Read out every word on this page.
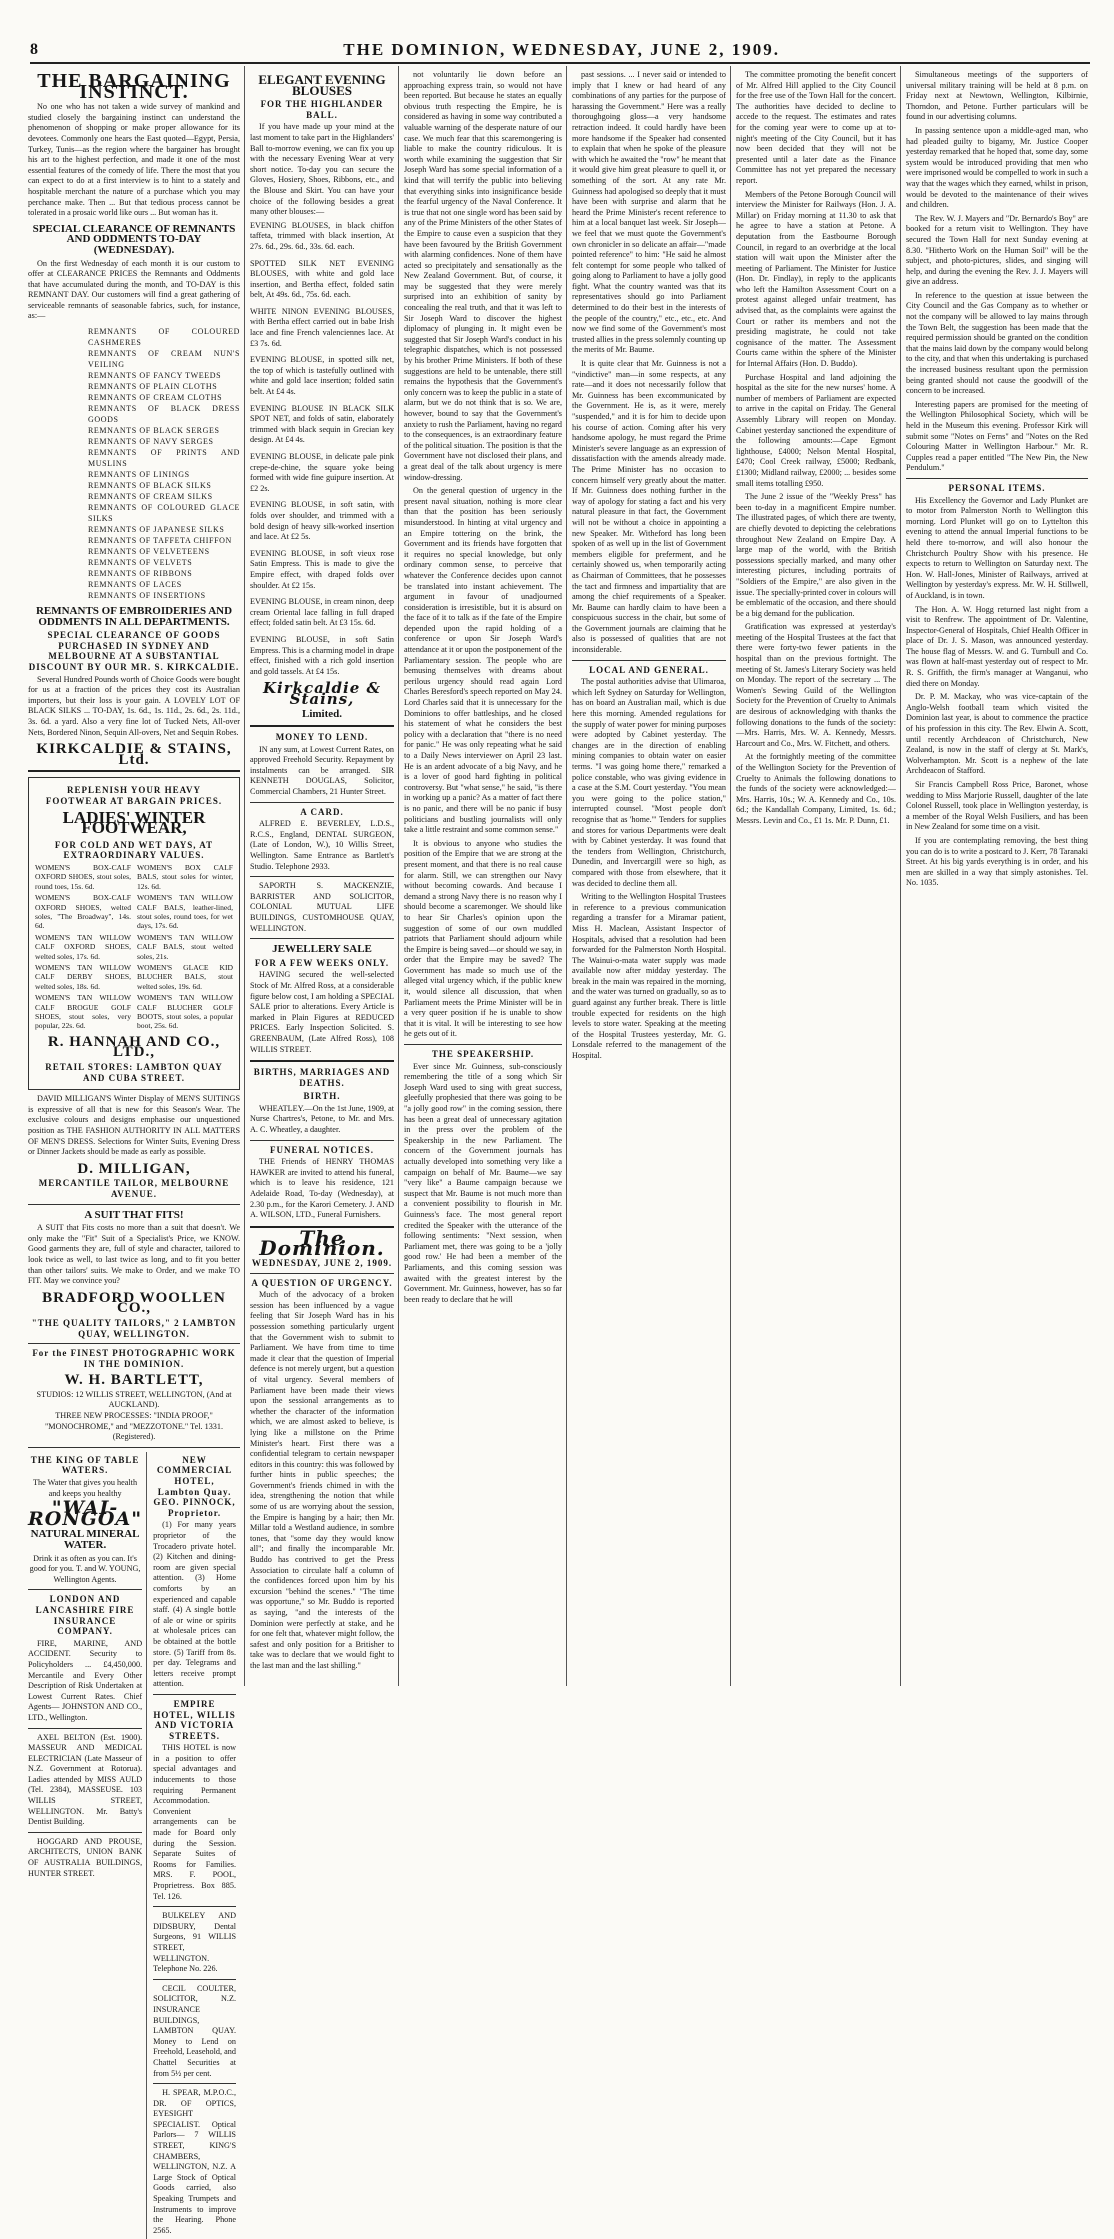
8	THE DOMINION, WEDNESDAY, JUNE 2, 1909.

THE BARGAINING INSTINCT.

No one who has not taken a wide survey of mankind and studied closely the bargaining instinct can understand the phenomenon of shopping or make proper allowance for its devotees. Commonly one hears the East quoted—Egypt, Persia, Turkey, Tunis—as the region where the bargainer has brought his art to the highest perfection, and made it one of the most essential features of the comedy of life. There the most that you can expect to do at a first interview is to hint to a stately and hospitable merchant the nature of a purchase which you may perchance make. Then ... But that tedious process cannot be tolerated in a prosaic world like ours ... But woman has it.

SPECIAL CLEARANCE OF REMNANTS AND ODDMENTS TO-DAY (WEDNESDAY).

On the first Wednesday of each month it is our custom to offer at CLEARANCE PRICES the Remnants and Oddments that have accumulated during the month, and TO-DAY is this REMNANT DAY. Our customers will find a great gathering of serviceable remnants of seasonable fabrics, such, for instance, as:—

REMNANTS OF COLOURED CASHMERES
REMNANTS OF CREAM NUN'S VEILING
REMNANTS OF FANCY TWEEDS
REMNANTS OF PLAIN CLOTHS
REMNANTS OF CREAM CLOTHS
REMNANTS OF BLACK DRESS GOODS
REMNANTS OF BLACK SERGES
REMNANTS OF NAVY SERGES
REMNANTS OF PRINTS AND MUSLINS
REMNANTS OF LININGS
REMNANTS OF BLACK SILKS
REMNANTS OF CREAM SILKS
REMNANTS OF COLOURED GLACE SILKS
REMNANTS OF JAPANESE SILKS
REMNANTS OF TAFFETA CHIFFON
REMNANTS OF VELVETEENS
REMNANTS OF VELVETS
REMNANTS OF RIBBONS
REMNANTS OF LACES
REMNANTS OF INSERTIONS
REMNANTS OF EMBROIDERIES AND ODDMENTS IN ALL DEPARTMENTS.
SPECIAL CLEARANCE OF GOODS PURCHASED IN SYDNEY AND MELBOURNE AT A SUBSTANTIAL DISCOUNT BY OUR MR. S. KIRKCALDIE.

Several Hundred Pounds worth of Choice Goods were bought for us at a fraction of the prices they cost its Australian importers, but their loss is your gain. A LOVELY LOT OF BLACK SILKS ... TO-DAY, 1s. 6d., 1s. 11d., 2s. 6d., 2s. 11d., 3s. 6d. a yard. Also a very fine lot of Tucked Nets, All-over Nets, Bordered Ninon, Sequin All-overs, Net and Sequin Robes.

KIRKCALDIE & STAINS, Ltd.
REPLENISH YOUR HEAVY FOOTWEAR AT BARGAIN PRICES.
LADIES' WINTER FOOTWEAR,
FOR COLD AND WET DAYS, AT EXTRAORDINARY VALUES.
WOMEN'S BOX-CALF OXFORD SHOES, stout soles, round toes, 15s. 6d.
WOMEN'S BOX CALF BALS, stout soles for winter, 12s. 6d.
WOMEN'S BOX-CALF OXFORD SHOES, welted soles, "The Broadway", 14s. 6d.
WOMEN'S TAN WILLOW CALF BALS, leather-lined, stout soles, round toes, for wet days, 17s. 6d.
WOMEN'S TAN WILLOW CALF OXFORD SHOES, welted soles, 17s. 6d.
WOMEN'S TAN WILLOW CALF BALS, stout welted soles, 21s.
WOMEN'S TAN WILLOW CALF DERBY SHOES, welted soles, 18s. 6d.
WOMEN'S GLACE KID BLUCHER BALS, stout welted soles, 19s. 6d.
WOMEN'S TAN WILLOW CALF BROGUE GOLF SHOES, stout soles, very popular, 22s. 6d.
WOMEN'S TAN WILLOW CALF BLUCHER GOLF BOOTS, stout soles, a popular boot, 25s. 6d.
R. HANNAH AND CO., LTD.,
RETAIL STORES: LAMBTON QUAY AND CUBA STREET.

DAVID MILLIGAN'S Winter Display of MEN'S SUITINGS is expressive of all that is new for this Season's Wear. The exclusive colours and designs emphasise our unquestioned position as THE FASHION AUTHORITY IN ALL MATTERS OF MEN'S DRESS. Selections for Winter Suits, Evening Dress or Dinner Jackets should be made as early as possible.

D. MILLIGAN,
MERCANTILE TAILOR, MELBOURNE AVENUE.
A SUIT THAT FITS!

A SUIT that Fits costs no more than a suit that doesn't. We only make the "Fit" Suit of a Specialist's Price, we KNOW. Good garments they are, full of style and character, tailored to look twice as well, to last twice as long, and to fit you better than other tailors' suits. We make to Order, and we make TO FIT. May we convince you?

BRADFORD WOOLLEN CO.,
"THE QUALITY TAILORS," 2 LAMBTON QUAY, WELLINGTON.
For the FINEST PHOTOGRAPHIC WORK IN THE DOMINION.
W. H. BARTLETT,
STUDIOS: 12 WILLIS STREET, WELLINGTON, (And at AUCKLAND).
THREE NEW PROCESSES: "INDIA PROOF," "MONOCHROME," and "MEZZOTONE." Tel. 1331. (Registered).
THE KING OF TABLE WATERS.
The Water that gives you health and keeps you healthy
"WAI-RONGOA"
NATURAL MINERAL WATER.
Drink it as often as you can. It's good for you. T. and W. YOUNG, Wellington Agents.
LONDON AND LANCASHIRE FIRE INSURANCE COMPANY.

FIRE, MARINE, AND ACCIDENT. Security to Policyholders ... £4,450,000. Mercantile and Every Other Description of Risk Undertaken at Lowest Current Rates. Chief Agents— JOHNSTON AND CO., LTD., Wellington.

AXEL BELTON (Est. 1900). MASSEUR AND MEDICAL ELECTRICIAN (Late Masseur of N.Z. Government at Rotorua). Ladies attended by MISS AULD (Tel. 2384), MASSEUSE. 103 WILLIS STREET, WELLINGTON. Mr. Batty's Dentist Building.

HOGGARD AND PROUSE, ARCHITECTS, UNION BANK OF AUSTRALIA BUILDINGS, HUNTER STREET.

NEW COMMERCIAL HOTEL, Lambton Quay. GEO. PINNOCK, Proprietor.

(1) For many years proprietor of the Trocadero private hotel. (2) Kitchen and dining-room are given special attention. (3) Home comforts by an experienced and capable staff. (4) A single bottle of ale or wine or spirits at wholesale prices can be obtained at the bottle store. (5) Tariff from 8s. per day. Telegrams and letters receive prompt attention.

EMPIRE HOTEL, WILLIS AND VICTORIA STREETS.

THIS HOTEL is now in a position to offer special advantages and inducements to those requiring Permanent Accommodation. Convenient arrangements can be made for Board only during the Session. Separate Suites of Rooms for Families. MRS. F. POOL, Proprietress. Box 885. Tel. 126.

BULKELEY AND DIDSBURY, Dental Surgeons, 91 WILLIS STREET, WELLINGTON. Telephone No. 226.

CECIL COULTER, SOLICITOR, N.Z. INSURANCE BUILDINGS, LAMBTON QUAY. Money to Lend on Freehold, Leasehold, and Chattel Securities at from 5½ per cent.

H. SPEAR, M.P.O.C., DR. OF OPTICS, EYESIGHT SPECIALIST. Optical Parlors— 7 WILLIS STREET, KING'S CHAMBERS, WELLINGTON, N.Z. A Large Stock of Optical Goods carried, also Speaking Trumpets and Instruments to improve the Hearing. Phone 2565.

ELEGANT EVENING BLOUSES
FOR THE HIGHLANDER BALL.

If you have made up your mind at the last moment to take part in the Highlanders' Ball to-morrow evening, we can fix you up with the necessary Evening Wear at very short notice. To-day you can secure the Gloves, Hosiery, Shoes, Ribbons, etc., and the Blouse and Skirt. You can have your choice of the following besides a great many other blouses:—

EVENING BLOUSES, in black chiffon taffeta, trimmed with black insertion, At 27s. 6d., 29s. 6d., 33s. 6d. each.
SPOTTED SILK NET EVENING BLOUSES, with white and gold lace insertion, and Bertha effect, folded satin belt, At 49s. 6d., 75s. 6d. each.
WHITE NINON EVENING BLOUSES, with Bertha effect carried out in babe Irish lace and fine French valenciennes lace. At £3 7s. 6d.
EVENING BLOUSE, in spotted silk net, the top of which is tastefully outlined with white and gold lace insertion; folded satin belt. At £4 4s.
EVENING BLOUSE IN BLACK SILK SPOT NET, and folds of satin, elaborately trimmed with black sequin in Grecian key design. At £4 4s.
EVENING BLOUSE, in delicate pale pink crepe-de-chine, the square yoke being formed with wide fine guipure insertion. At £2 2s.
EVENING BLOUSE, in soft satin, with folds over shoulder, and trimmed with a bold design of heavy silk-worked insertion and lace. At £2 5s.
EVENING BLOUSE, in soft vieux rose Satin Empress. This is made to give the Empire effect, with draped folds over shoulder. At £2 15s.
EVENING BLOUSE, in cream ninon, deep cream Oriental lace falling in full draped effect; folded satin belt. At £3 15s. 6d.
EVENING BLOUSE, in soft Satin Empress. This is a charming model in drape effect, finished with a rich gold insertion and gold tassels. At £4 15s.
Kirkcaldie & Stains,
Limited.
MONEY TO LEND.

IN any sum, at Lowest Current Rates, on approved Freehold Security. Repayment by instalments can be arranged. SIR KENNETH DOUGLAS, Solicitor, Commercial Chambers, 21 Hunter Street.

A CARD.

ALFRED E. BEVERLEY, L.D.S., R.C.S., England, DENTAL SURGEON, (Late of London, W.), 10 Willis Street, Wellington. Same Entrance as Bartlett's Studio. Telephone 2933.

SAPORTH S. MACKENZIE, BARRISTER AND SOLICITOR, COLONIAL MUTUAL LIFE BUILDINGS, CUSTOMHOUSE QUAY, WELLINGTON.

JEWELLERY SALE
FOR A FEW WEEKS ONLY.

HAVING secured the well-selected Stock of Mr. Alfred Ross, at a considerable figure below cost, I am holding a SPECIAL SALE prior to alterations. Every Article is marked in Plain Figures at REDUCED PRICES. Early Inspection Solicited. S. GREENBAUM, (Late Alfred Ross), 108 WILLIS STREET.

BIRTHS, MARRIAGES AND DEATHS.
BIRTH.

WHEATLEY.—On the 1st June, 1909, at Nurse Chartres's, Petone, to Mr. and Mrs. A. C. Wheatley, a daughter.

FUNERAL NOTICES.

THE Friends of HENRY THOMAS HAWKER are invited to attend his funeral, which is to leave his residence, 121 Adelaide Road, To-day (Wednesday), at 2.30 p.m., for the Karori Cemetery. J. AND A. WILSON, LTD., Funeral Furnishers.

The Dominion.
WEDNESDAY, JUNE 2, 1909.
A QUESTION OF URGENCY.

Much of the advocacy of a broken session has been influenced by a vague feeling that Sir Joseph Ward has in his possession something particularly urgent that the Government wish to submit to Parliament. We have from time to time made it clear that the question of Imperial defence is not merely urgent, but a question of vital urgency. Several members of Parliament have been made their views upon the sessional arrangements as to whether the character of the information which, we are almost asked to believe, is lying like a millstone on the Prime Minister's heart. First there was a confidential telegram to certain newspaper editors in this country: this was followed by further hints in public speeches; the Government's friends chimed in with the idea, strengthening the notion that while some of us are worrying about the session, the Empire is hanging by a hair; then Mr. Millar told a Westland audience, in sombre tones, that "some day they would know all"; and finally the incomparable Mr. Buddo has contrived to get the Press Association to circulate half a column of the confidences forced upon him by his excursion "behind the scenes." "The time was opportune," so Mr. Buddo is reported as saying, "and the interests of the Dominion were perfectly at stake, and he for one felt that, whatever might follow, the safest and only position for a Britisher to take was to declare that we would fight to the last man and the last shilling."

not voluntarily lie down before an approaching express train, so would not have been reported. But because he states an equally obvious truth respecting the Empire, he is considered as having in some way contributed a valuable warning of the desperate nature of our case. We much fear that this scaremongering is liable to make the country ridiculous. It is worth while examining the suggestion that Sir Joseph Ward has some special information of a kind that will terrify the public into believing that everything sinks into insignificance beside the fearful urgency of the Naval Conference. It is true that not one single word has been said by any of the Prime Ministers of the other States of the Empire to cause even a suspicion that they have been favoured by the British Government with alarming confidences. None of them have acted so precipitately and sensationally as the New Zealand Government. But, of course, it may be suggested that they were merely surprised into an exhibition of sanity by concealing the real truth, and that it was left to Sir Joseph Ward to discover the highest diplomacy of plunging in. It might even be suggested that Sir Joseph Ward's conduct in his telegraphic dispatches, which is not possessed by his brother Prime Ministers. If both of these suggestions are held to be untenable, there still remains the hypothesis that the Government's only concern was to keep the public in a state of alarm, but we do not think that is so. We are, however, bound to say that the Government's anxiety to rush the Parliament, having no regard to the consequences, is an extraordinary feature of the political situation. The position is that the Government have not disclosed their plans, and a great deal of the talk about urgency is mere window-dressing.

On the general question of urgency in the present naval situation, nothing is more clear than that the position has been seriously misunderstood. In hinting at vital urgency and an Empire tottering on the brink, the Government and its friends have forgotten that it requires no special knowledge, but only ordinary common sense, to perceive that whatever the Conference decides upon cannot be translated into instant achievement. The argument in favour of unadjourned consideration is irresistible, but it is absurd on the face of it to talk as if the fate of the Empire depended upon the rapid holding of a conference or upon Sir Joseph Ward's attendance at it or upon the postponement of the Parliamentary session. The people who are bemusing themselves with dreams about perilous urgency should read again Lord Charles Beresford's speech reported on May 24. Lord Charles said that it is unnecessary for the Dominions to offer battleships, and he closed his statement of what he considers the best policy with a declaration that "there is no need for panic." He was only repeating what he said to a Daily News interviewer on April 23 last. He is an ardent advocate of a big Navy, and he is a lover of good hard fighting in political controversy. But "what sense," he said, "is there in working up a panic? As a matter of fact there is no panic, and there will be no panic if busy politicians and bustling journalists will only take a little restraint and some common sense."

It is obvious to anyone who studies the position of the Empire that we are strong at the present moment, and that there is no real cause for alarm. Still, we can strengthen our Navy without becoming cowards. And because I demand a strong Navy there is no reason why I should become a scaremonger. We should like to hear Sir Charles's opinion upon the suggestion of some of our own muddled patriots that Parliament should adjourn while the Empire is being saved—or should we say, in order that the Empire may be saved? The Government has made so much use of the alleged vital urgency which, if the public knew it, would silence all discussion, that when Parliament meets the Prime Minister will be in a very queer position if he is unable to show that it is vital. It will be interesting to see how he gets out of it.

THE SPEAKERSHIP.

Ever since Mr. Guinness, sub-consciously remembering the title of a song which Sir Joseph Ward used to sing with great success, gleefully prophesied that there was going to be "a jolly good row" in the coming session, there has been a great deal of unnecessary agitation in the press over the problem of the Speakership in the new Parliament. The concern of the Government journals has actually developed into something very like a campaign on behalf of Mr. Baume—we say "very like" a Baume campaign because we suspect that Mr. Baume is not much more than a convenient possibility to flourish in Mr. Guinness's face. The most general report credited the Speaker with the utterance of the following sentiments: "Next session, when Parliament met, there was going to be a 'jolly good row.' He had been a member of the Parliaments, and this coming session was awaited with the greatest interest by the Government. Mr. Guinness, however, has so far been ready to declare that he will

past sessions. ... I never said or intended to imply that I knew or had heard of any combinations of any parties for the purpose of harassing the Government." Here was a really thoroughgoing gloss—a very handsome retraction indeed. It could hardly have been more handsome if the Speaker had consented to explain that when he spoke of the pleasure with which he awaited the "row" he meant that it would give him great pleasure to quell it, or something of the sort. At any rate Mr. Guinness had apologised so deeply that it must have been with surprise and alarm that he heard the Prime Minister's recent reference to him at a local banquet last week. Sir Joseph—we feel that we must quote the Government's own chronicler in so delicate an affair—"made pointed reference" to him: "He said he almost felt contempt for some people who talked of going along to Parliament to have a jolly good fight. What the country wanted was that its representatives should go into Parliament determined to do their best in the interests of the people of the country," etc., etc., etc. And now we find some of the Government's most trusted allies in the press solemnly counting up the merits of Mr. Baume.

It is quite clear that Mr. Guinness is not a "vindictive" man—in some respects, at any rate—and it does not necessarily follow that Mr. Guinness has been excommunicated by the Government. He is, as it were, merely "suspended," and it is for him to decide upon his course of action. Coming after his very handsome apology, he must regard the Prime Minister's severe language as an expression of dissatisfaction with the amends already made. The Prime Minister has no occasion to concern himself very greatly about the matter. If Mr. Guinness does nothing further in the way of apology for stating a fact and his very natural pleasure in that fact, the Government will not be without a choice in appointing a new Speaker. Mr. Witheford has long been spoken of as well up in the list of Government members eligible for preferment, and he certainly showed us, when temporarily acting as Chairman of Committees, that he possesses the tact and firmness and impartiality that are among the chief requirements of a Speaker. Mr. Baume can hardly claim to have been a conspicuous success in the chair, but some of the Government journals are claiming that he also is possessed of qualities that are not inconsiderable.

LOCAL AND GENERAL.

The postal authorities advise that Ulimaroa, which left Sydney on Saturday for Wellington, has on board an Australian mail, which is due here this morning. Amended regulations for the supply of water power for mining purposes were adopted by Cabinet yesterday. The changes are in the direction of enabling mining companies to obtain water on easier terms. "I was going home there," remarked a police constable, who was giving evidence in a case at the S.M. Court yesterday. "You mean you were going to the police station," interrupted counsel. "Most people don't recognise that as 'home.'" Tenders for supplies and stores for various Departments were dealt with by Cabinet yesterday. It was found that the tenders from Wellington, Christchurch, Dunedin, and Invercargill were so high, as compared with those from elsewhere, that it was decided to decline them all.

Writing to the Wellington Hospital Trustees in reference to a previous communication regarding a transfer for a Miramar patient, Miss H. Maclean, Assistant Inspector of Hospitals, advised that a resolution had been forwarded for the Palmerston North Hospital. The Wainui-o-mata water supply was made available now after midday yesterday. The break in the main was repaired in the morning, and the water was turned on gradually, so as to guard against any further break. There is little trouble expected for residents on the high levels to store water. Speaking at the meeting of the Hospital Trustees yesterday, Mr. G. Lonsdale referred to the management of the Hospital.

The committee promoting the benefit concert of Mr. Alfred Hill applied to the City Council for the free use of the Town Hall for the concert. The authorities have decided to decline to accede to the request. The estimates and rates for the coming year were to come up at to-night's meeting of the City Council, but it has now been decided that they will not be presented until a later date as the Finance Committee has not yet prepared the necessary report.

Members of the Petone Borough Council will interview the Minister for Railways (Hon. J. A. Millar) on Friday morning at 11.30 to ask that he agree to have a station at Petone. A deputation from the Eastbourne Borough Council, in regard to an overbridge at the local station will wait upon the Minister after the meeting of Parliament. The Minister for Justice (Hon. Dr. Findlay), in reply to the applicants who left the Hamilton Assessment Court on a protest against alleged unfair treatment, has advised that, as the complaints were against the Court or rather its members and not the presiding magistrate, he could not take cognisance of the matter. The Assessment Courts came within the sphere of the Minister for Internal Affairs (Hon. D. Buddo).

Purchase Hospital and land adjoining the hospital as the site for the new nurses' home. A number of members of Parliament are expected to arrive in the capital on Friday. The General Assembly Library will reopen on Monday. Cabinet yesterday sanctioned the expenditure of the following amounts:—Cape Egmont lighthouse, £4000; Nelson Mental Hospital, £470; Cool Creek railway, £5000; Redbank, £1300; Midland railway, £2000; ... besides some small items totalling £950.

The June 2 issue of the "Weekly Press" has been to-day in a magnificent Empire number. The illustrated pages, of which there are twenty, are chiefly devoted to depicting the celebrations throughout New Zealand on Empire Day. A large map of the world, with the British possessions specially marked, and many other interesting pictures, including portraits of "Soldiers of the Empire," are also given in the issue. The specially-printed cover in colours will be emblematic of the occasion, and there should be a big demand for the publication.

Gratification was expressed at yesterday's meeting of the Hospital Trustees at the fact that there were forty-two fewer patients in the hospital than on the previous fortnight. The meeting of St. James's Literary Society was held on Monday. The report of the secretary ... The Women's Sewing Guild of the Wellington Society for the Prevention of Cruelty to Animals are desirous of acknowledging with thanks the following donations to the funds of the society:—Mrs. Harris, Mrs. W. A. Kennedy, Messrs. Harcourt and Co., Mrs. W. Fitchett, and others.

At the fortnightly meeting of the committee of the Wellington Society for the Prevention of Cruelty to Animals the following donations to the funds of the society were acknowledged:—Mrs. Harris, 10s.; W. A. Kennedy and Co., 10s. 6d.; the Kandallah Company, Limited, 1s. 6d.; Messrs. Levin and Co., £1 1s. Mr. P. Dunn, £1.

Simultaneous meetings of the supporters of universal military training will be held at 8 p.m. on Friday next at Newtown, Wellington, Kilbirnie, Thorndon, and Petone. Further particulars will be found in our advertising columns.

In passing sentence upon a middle-aged man, who had pleaded guilty to bigamy, Mr. Justice Cooper yesterday remarked that he hoped that, some day, some system would be introduced providing that men who were imprisoned would be compelled to work in such a way that the wages which they earned, whilst in prison, would be devoted to the maintenance of their wives and children.

The Rev. W. J. Mayers and "Dr. Bernardo's Boy" are booked for a return visit to Wellington. They have secured the Town Hall for next Sunday evening at 8.30. "Hitherto Work on the Human Soil" will be the subject, and photo-pictures, slides, and singing will help, and during the evening the Rev. J. J. Mayers will give an address.

In reference to the question at issue between the City Council and the Gas Company as to whether or not the company will be allowed to lay mains through the Town Belt, the suggestion has been made that the required permission should be granted on the condition that the mains laid down by the company would belong to the city, and that when this undertaking is purchased the increased business resultant upon the permission being granted should not cause the goodwill of the concern to be increased.

Interesting papers are promised for the meeting of the Wellington Philosophical Society, which will be held in the Museum this evening. Professor Kirk will submit some "Notes on Ferns" and "Notes on the Red Colouring Matter in Wellington Harbour." Mr. R. Cupples read a paper entitled "The New Pin, the New Pendulum."

PERSONAL ITEMS.

His Excellency the Governor and Lady Plunket are to motor from Palmerston North to Wellington this morning. Lord Plunket will go on to Lyttelton this evening to attend the annual Imperial functions to be held there to-morrow, and will also honour the Christchurch Poultry Show with his presence. He expects to return to Wellington on Saturday next. The Hon. W. Hall-Jones, Minister of Railways, arrived at Wellington by yesterday's express. Mr. W. H. Stillwell, of Auckland, is in town.

The Hon. A. W. Hogg returned last night from a visit to Renfrew. The appointment of Dr. Valentine, Inspector-General of Hospitals, Chief Health Officer in place of Dr. J. S. Mason, was announced yesterday. The house flag of Messrs. W. and G. Turnbull and Co. was flown at half-mast yesterday out of respect to Mr. R. S. Griffith, the firm's manager at Wanganui, who died there on Monday.

Dr. P. M. Mackay, who was vice-captain of the Anglo-Welsh football team which visited the Dominion last year, is about to commence the practice of his profession in this city. The Rev. Elwin A. Scott, until recently Archdeacon of Christchurch, New Zealand, is now in the staff of clergy at St. Mark's, Wolverhampton. Mr. Scott is a nephew of the late Archdeacon of Stafford.

Sir Francis Campbell Ross Price, Baronet, whose wedding to Miss Marjorie Russell, daughter of the late Colonel Russell, took place in Wellington yesterday, is a member of the Royal Welsh Fusiliers, and has been in New Zealand for some time on a visit.

If you are contemplating removing, the best thing you can do is to write a postcard to J. Kerr, 78 Taranaki Street. At his big yards everything is in order, and his men are skilled in a way that simply astonishes. Tel. No. 1035.
